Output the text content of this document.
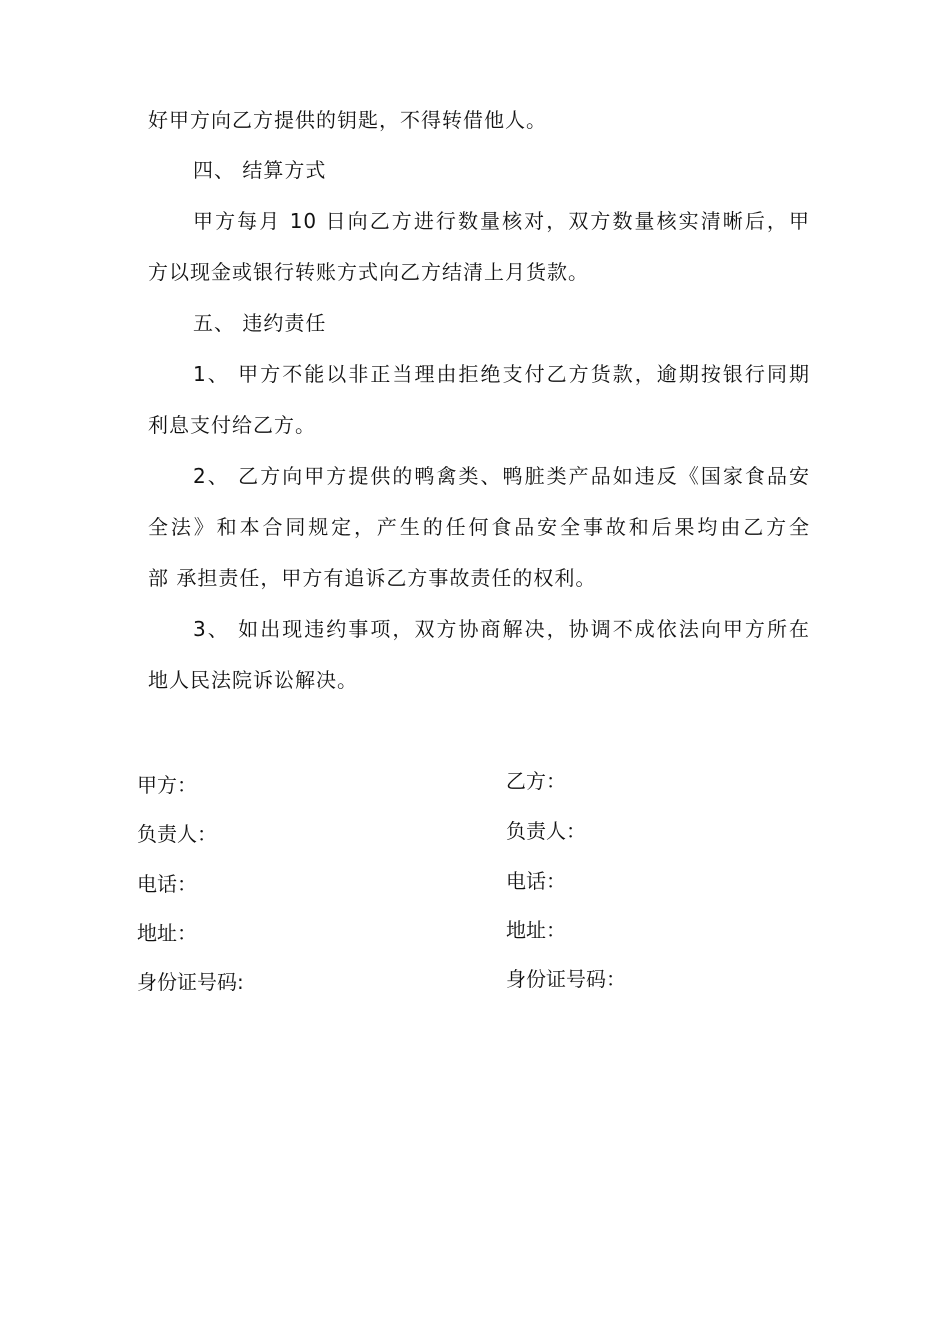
好甲方向乙方提供的钥匙，不得转借他人。
四、 结算方式
甲方每月 10 日向乙方进行数量核对，双方数量核实清晰后，甲
方以现金或银行转账方式向乙方结清上月货款。
五、 违约责任
1、 甲方不能以非正当理由拒绝支付乙方货款，逾期按银行同期
利息支付给乙方。
2、 乙方向甲方提供的鸭禽类、鸭脏类产品如违反《国家食品安
全法》和本合同规定，产生的任何食品安全事故和后果均由乙方全
部 承担责任，甲方有追诉乙方事故责任的权利。
3、 如出现违约事项，双方协商解决，协调不成依法向甲方所在
地人民法院诉讼解决。
甲方：
负责人：
电话：
地址：
身份证号码:
乙方：
负责人：
电话：
地址：
身份证号码：
